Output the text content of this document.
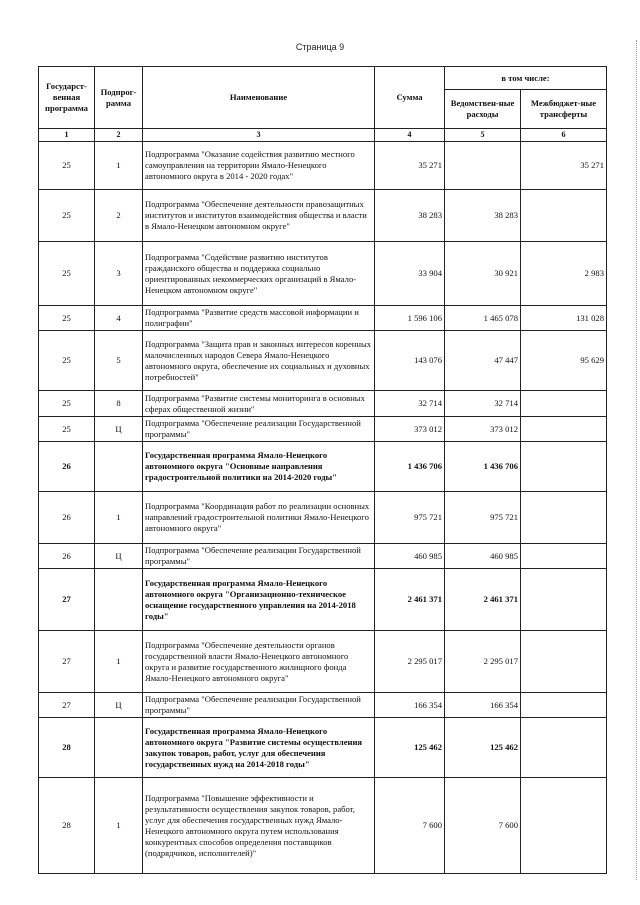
Страница 9
Государст-венная программа	Подпрог-рамма	Наименование	Сумма	в том числе:	
				Ведомствен-ные расходы	Межбюджет-ные трансферты
1	2	3	4	5	6
25	1	Подпрограмма "Оказание содействия развитию местного самоуправления на территории Ямало-Ненецкого автономного округа в 2014 - 2020 годах"	35 271		35 271
25	2	Подпрограмма "Обеспечение деятельности правозащитных институтов и институтов взаимодействия общества и власти в Ямало-Ненецком автономном округе"	38 283	38 283	
25	3	Подпрограмма "Содействие развитию институтов гражданского общества и поддержка социально ориентированных некоммерческих организаций в Ямало-Ненецком автономном округе"	33 904	30 921	2 983
25	4	Подпрограмма "Развитие средств массовой информации и полиграфии"	1 596 106	1 465 078	131 028
25	5	Подпрограмма "Защита прав и законных интересов коренных малочисленных народов Севера Ямало-Ненецкого автономного округа, обеспечение их социальных и духовных потребностей"	143 076	47 447	95 629
25	8	Подпрограмма "Развитие системы мониторинга в основных сферах общественной жизни"	32 714	32 714	
25	Ц	Подпрограмма "Обеспечение реализации Государственной программы"	373 012	373 012	
26		Государственная программа Ямало-Ненецкого автономного округа "Основные направления градостроительной политики на 2014-2020 годы"	1 436 706	1 436 706	
26	1	Подпрограмма "Координация работ по реализации основных направлений градостроительной политики Ямало-Ненецкого автономного округа"	975 721	975 721	
26	Ц	Подпрограмма "Обеспечение реализации Государственной программы"	460 985	460 985	
27		Государственная программа Ямало-Ненецкого автономного округа "Организационно-техническое оснащение государственного управления на 2014-2018 годы"	2 461 371	2 461 371	
27	1	Подпрограмма "Обеспечение деятельности органов государственной власти Ямало-Ненецкого автономного округа и развитие государственного жилищного фонда Ямало-Ненецкого автономного округа"	2 295 017	2 295 017	
27	Ц	Подпрограмма "Обеспечение реализации Государственной программы"	166 354	166 354	
28		Государственная программа Ямало-Ненецкого автономного округа "Развитие системы осуществления закупок товаров, работ, услуг для обеспечения государственных нужд на 2014-2018 годы"	125 462	125 462	
28	1	Подпрограмма "Повышение эффективности и результативности осуществления закупок товаров, работ, услуг для обеспечения государственных нужд Ямало-Ненецкого автономного округа путем использования конкурентных способов определения поставщиков (подрядчиков, исполнителей)"	7 600	7 600	
